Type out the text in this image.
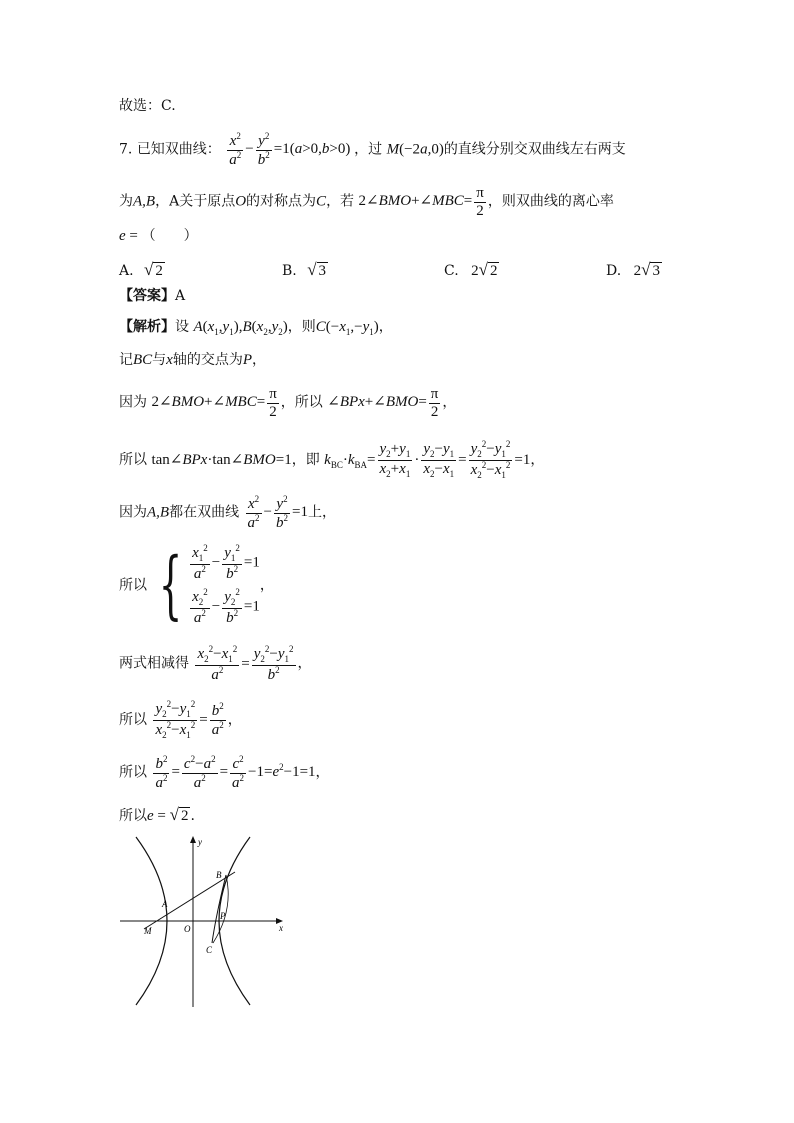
故选：C.
7. 已知双曲线： $\frac{x^2}{a^2} - \frac{y^2}{b^2} =1(a>0,b>0)$ ，过 M(−2a,0)的直线分别交双曲线左右两支
为A,B，A关于原点O的对称点为C，若 2∠BMO+∠MBC= $\frac{\pi}{2}$ ，则双曲线的离心率
e = （　　）
A. √ 2	B. √ 3	C. 2√ 2	D. 2√ 3
【答案】A
【解析】设 $A(x_1,y_1),B(x_2,y_2)$，则$C(-x_1,-y_1)$，
记BC与x轴的交点为P，
因为 2∠BMO+∠MBC= $\frac{\pi}{2}$ ，所以 ∠BPx+∠BMO= $\frac{\pi}{2}$ ，
所以 tan∠BPx·tan∠BMO=1，即 $k_{BC}\cdot k_{BA}= \frac{y_2+y_1}{x_2+x_1} \cdot \frac{y_2-y_1}{x_2-x_1} = \frac{y_2^2-y_1^2}{x_2^2-x_1^2} =1$，
因为A,B都在双曲线 $\frac{x^2}{a^2} - \frac{y^2}{b^2} =1$上，
所以 { $\frac{x_1^2}{a^2} - \frac{y_1^2}{b^2} =1$
$\frac{x_2^2}{a^2} - \frac{y_2^2}{b^2} =1$
，
两式相减得 $\frac{x_2^2-x_1^2}{a^2} = \frac{y_2^2-y_1^2}{b^2}$ ，
所以 $\frac{y_2^2-y_1^2}{x_2^2-x_1^2} = \frac{b^2}{a^2}$ ，
所以 $\frac{b^2}{a^2} = \frac{c^2-a^2}{a^2} = \frac{c^2}{a^2} -1=e^2-1=1$，
所以e = √ 2 .
y
x
O
M
A
B
C
P
